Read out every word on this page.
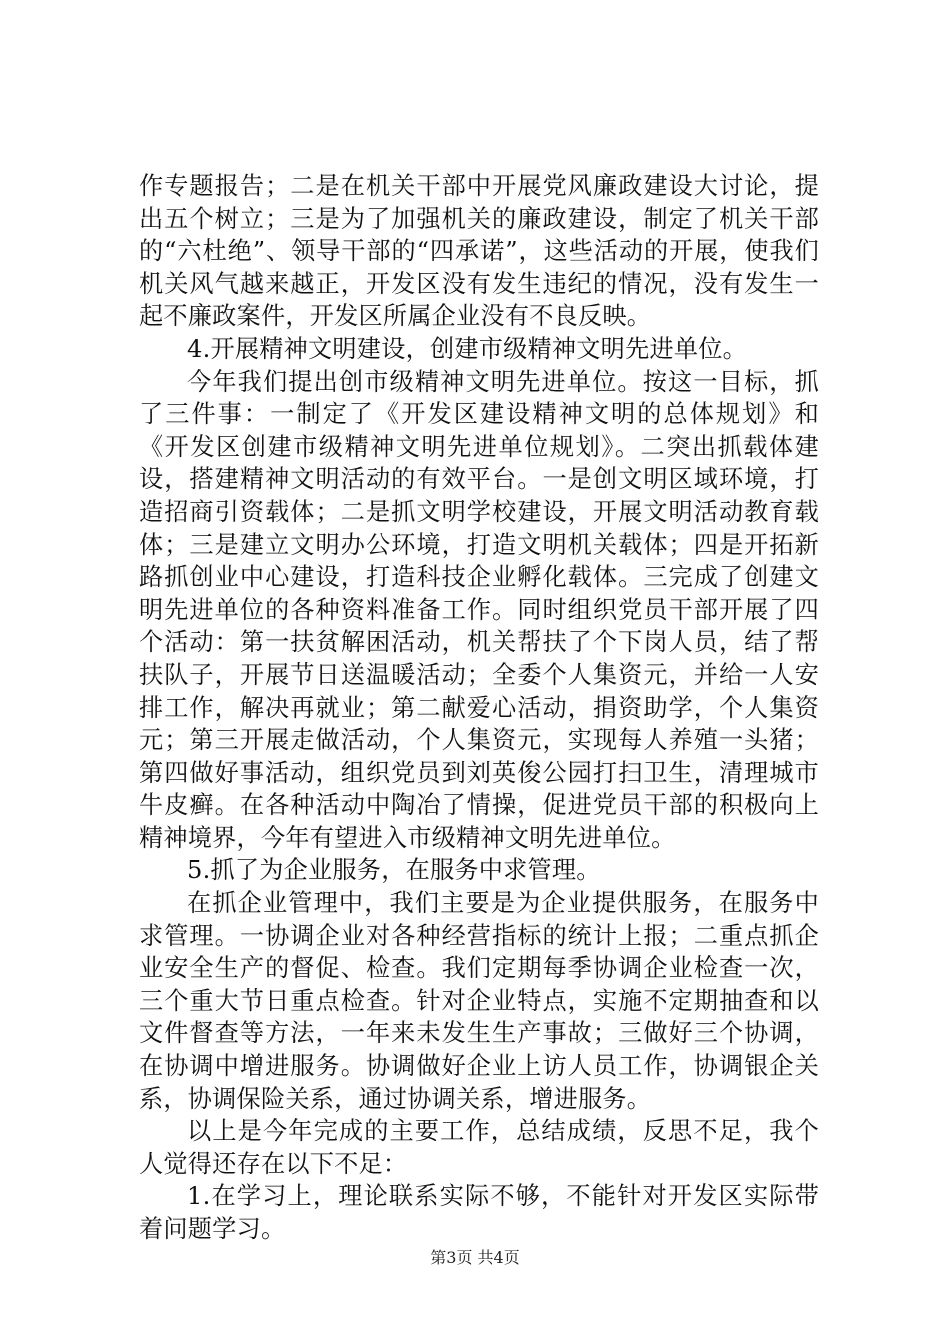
作专题报告；二是在机关干部中开展党风廉政建设大讨论，提出五个树立；三是为了加强机关的廉政建设，制定了机关干部的“六杜绝”、领导干部的“四承诺”，这些活动的开展，使我们机关风气越来越正，开发区没有发生违纪的情况，没有发生一起不廉政案件，开发区所属企业没有不良反映。

4.开展精神文明建设，创建市级精神文明先进单位。

今年我们提出创市级精神文明先进单位。按这一目标，抓了三件事：一制定了《开发区建设精神文明的总体规划》和《开发区创建市级精神文明先进单位规划》。二突出抓载体建设，搭建精神文明活动的有效平台。一是创文明区域环境，打造招商引资载体；二是抓文明学校建设，开展文明活动教育载体；三是建立文明办公环境，打造文明机关载体；四是开拓新路抓创业中心建设，打造科技企业孵化载体。三完成了创建文明先进单位的各种资料准备工作。同时组织党员干部开展了四个活动：第一扶贫解困活动，机关帮扶了个下岗人员，结了帮扶队子，开展节日送温暖活动；全委个人集资元，并给一人安排工作，解决再就业；第二献爱心活动，捐资助学，个人集资元；第三开展走做活动，个人集资元，实现每人养殖一头猪；第四做好事活动，组织党员到刘英俊公园打扫卫生，清理城市牛皮癣。在各种活动中陶冶了情操，促进党员干部的积极向上精神境界，今年有望进入市级精神文明先进单位。

5.抓了为企业服务，在服务中求管理。

在抓企业管理中，我们主要是为企业提供服务，在服务中求管理。一协调企业对各种经营指标的统计上报；二重点抓企业安全生产的督促、检查。我们定期每季协调企业检查一次，三个重大节日重点检查。针对企业特点，实施不定期抽查和以文件督查等方法，一年来未发生生产事故；三做好三个协调，在协调中增进服务。协调做好企业上访人员工作，协调银企关系，协调保险关系，通过协调关系，增进服务。

以上是今年完成的主要工作，总结成绩，反思不足，我个人觉得还存在以下不足：

1.在学习上，理论联系实际不够，不能针对开发区实际带着问题学习。

第3页 共4页
